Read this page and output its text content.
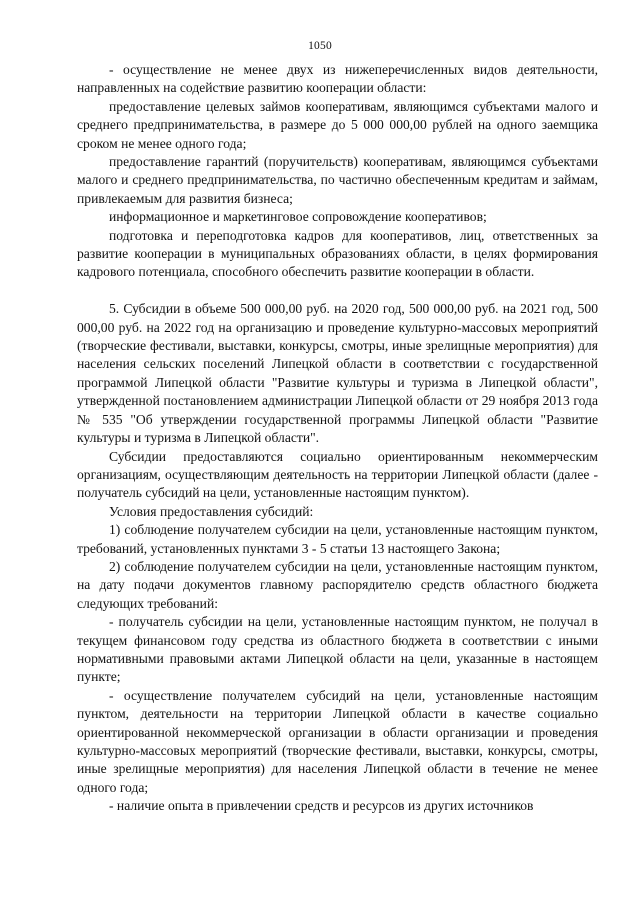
1050

- осуществление не менее двух из нижеперечисленных видов деятельности, направленных на содействие развитию кооперации области:

предоставление целевых займов кооперативам, являющимся субъектами малого и среднего предпринимательства, в размере до 5 000 000,00 рублей на одного заемщика сроком не менее одного года;

предоставление гарантий (поручительств) кооперативам, являющимся субъектами малого и среднего предпринимательства, по частично обеспеченным кредитам и займам, привлекаемым для развития бизнеса;

информационное и маркетинговое сопровождение кооперативов;

подготовка и переподготовка кадров для кооперативов, лиц, ответственных за развитие кооперации в муниципальных образованиях области, в целях формирования кадрового потенциала, способного обеспечить развитие кооперации в области.

5. Субсидии в объеме 500 000,00 руб. на 2020 год, 500 000,00 руб. на 2021 год, 500 000,00 руб. на 2022 год на организацию и проведение культурно-массовых мероприятий (творческие фестивали, выставки, конкурсы, смотры, иные зрелищные мероприятия) для населения сельских поселений Липецкой области в соответствии с государственной программой Липецкой области "Развитие культуры и туризма в Липецкой области", утвержденной постановлением администрации Липецкой области от 29 ноября 2013 года № 535 "Об утверждении государственной программы Липецкой области "Развитие культуры и туризма в Липецкой области".

Субсидии предоставляются социально ориентированным некоммерческим организациям, осуществляющим деятельность на территории Липецкой области (далее - получатель субсидий на цели, установленные настоящим пунктом).

Условия предоставления субсидий:

1) соблюдение получателем субсидии на цели, установленные настоящим пунктом, требований, установленных пунктами 3 - 5 статьи 13 настоящего Закона;

2) соблюдение получателем субсидии на цели, установленные настоящим пунктом, на дату подачи документов главному распорядителю средств областного бюджета следующих требований:

- получатель субсидии на цели, установленные настоящим пунктом, не получал в текущем финансовом году средства из областного бюджета в соответствии с иными нормативными правовыми актами Липецкой области на цели, указанные в настоящем пункте;

- осуществление получателем субсидий на цели, установленные настоящим пунктом, деятельности на территории Липецкой области в качестве социально ориентированной некоммерческой организации в области организации и проведения культурно-массовых мероприятий (творческие фестивали, выставки, конкурсы, смотры, иные зрелищные мероприятия) для населения Липецкой области в течение не менее одного года;

- наличие опыта в привлечении средств и ресурсов из других источников
